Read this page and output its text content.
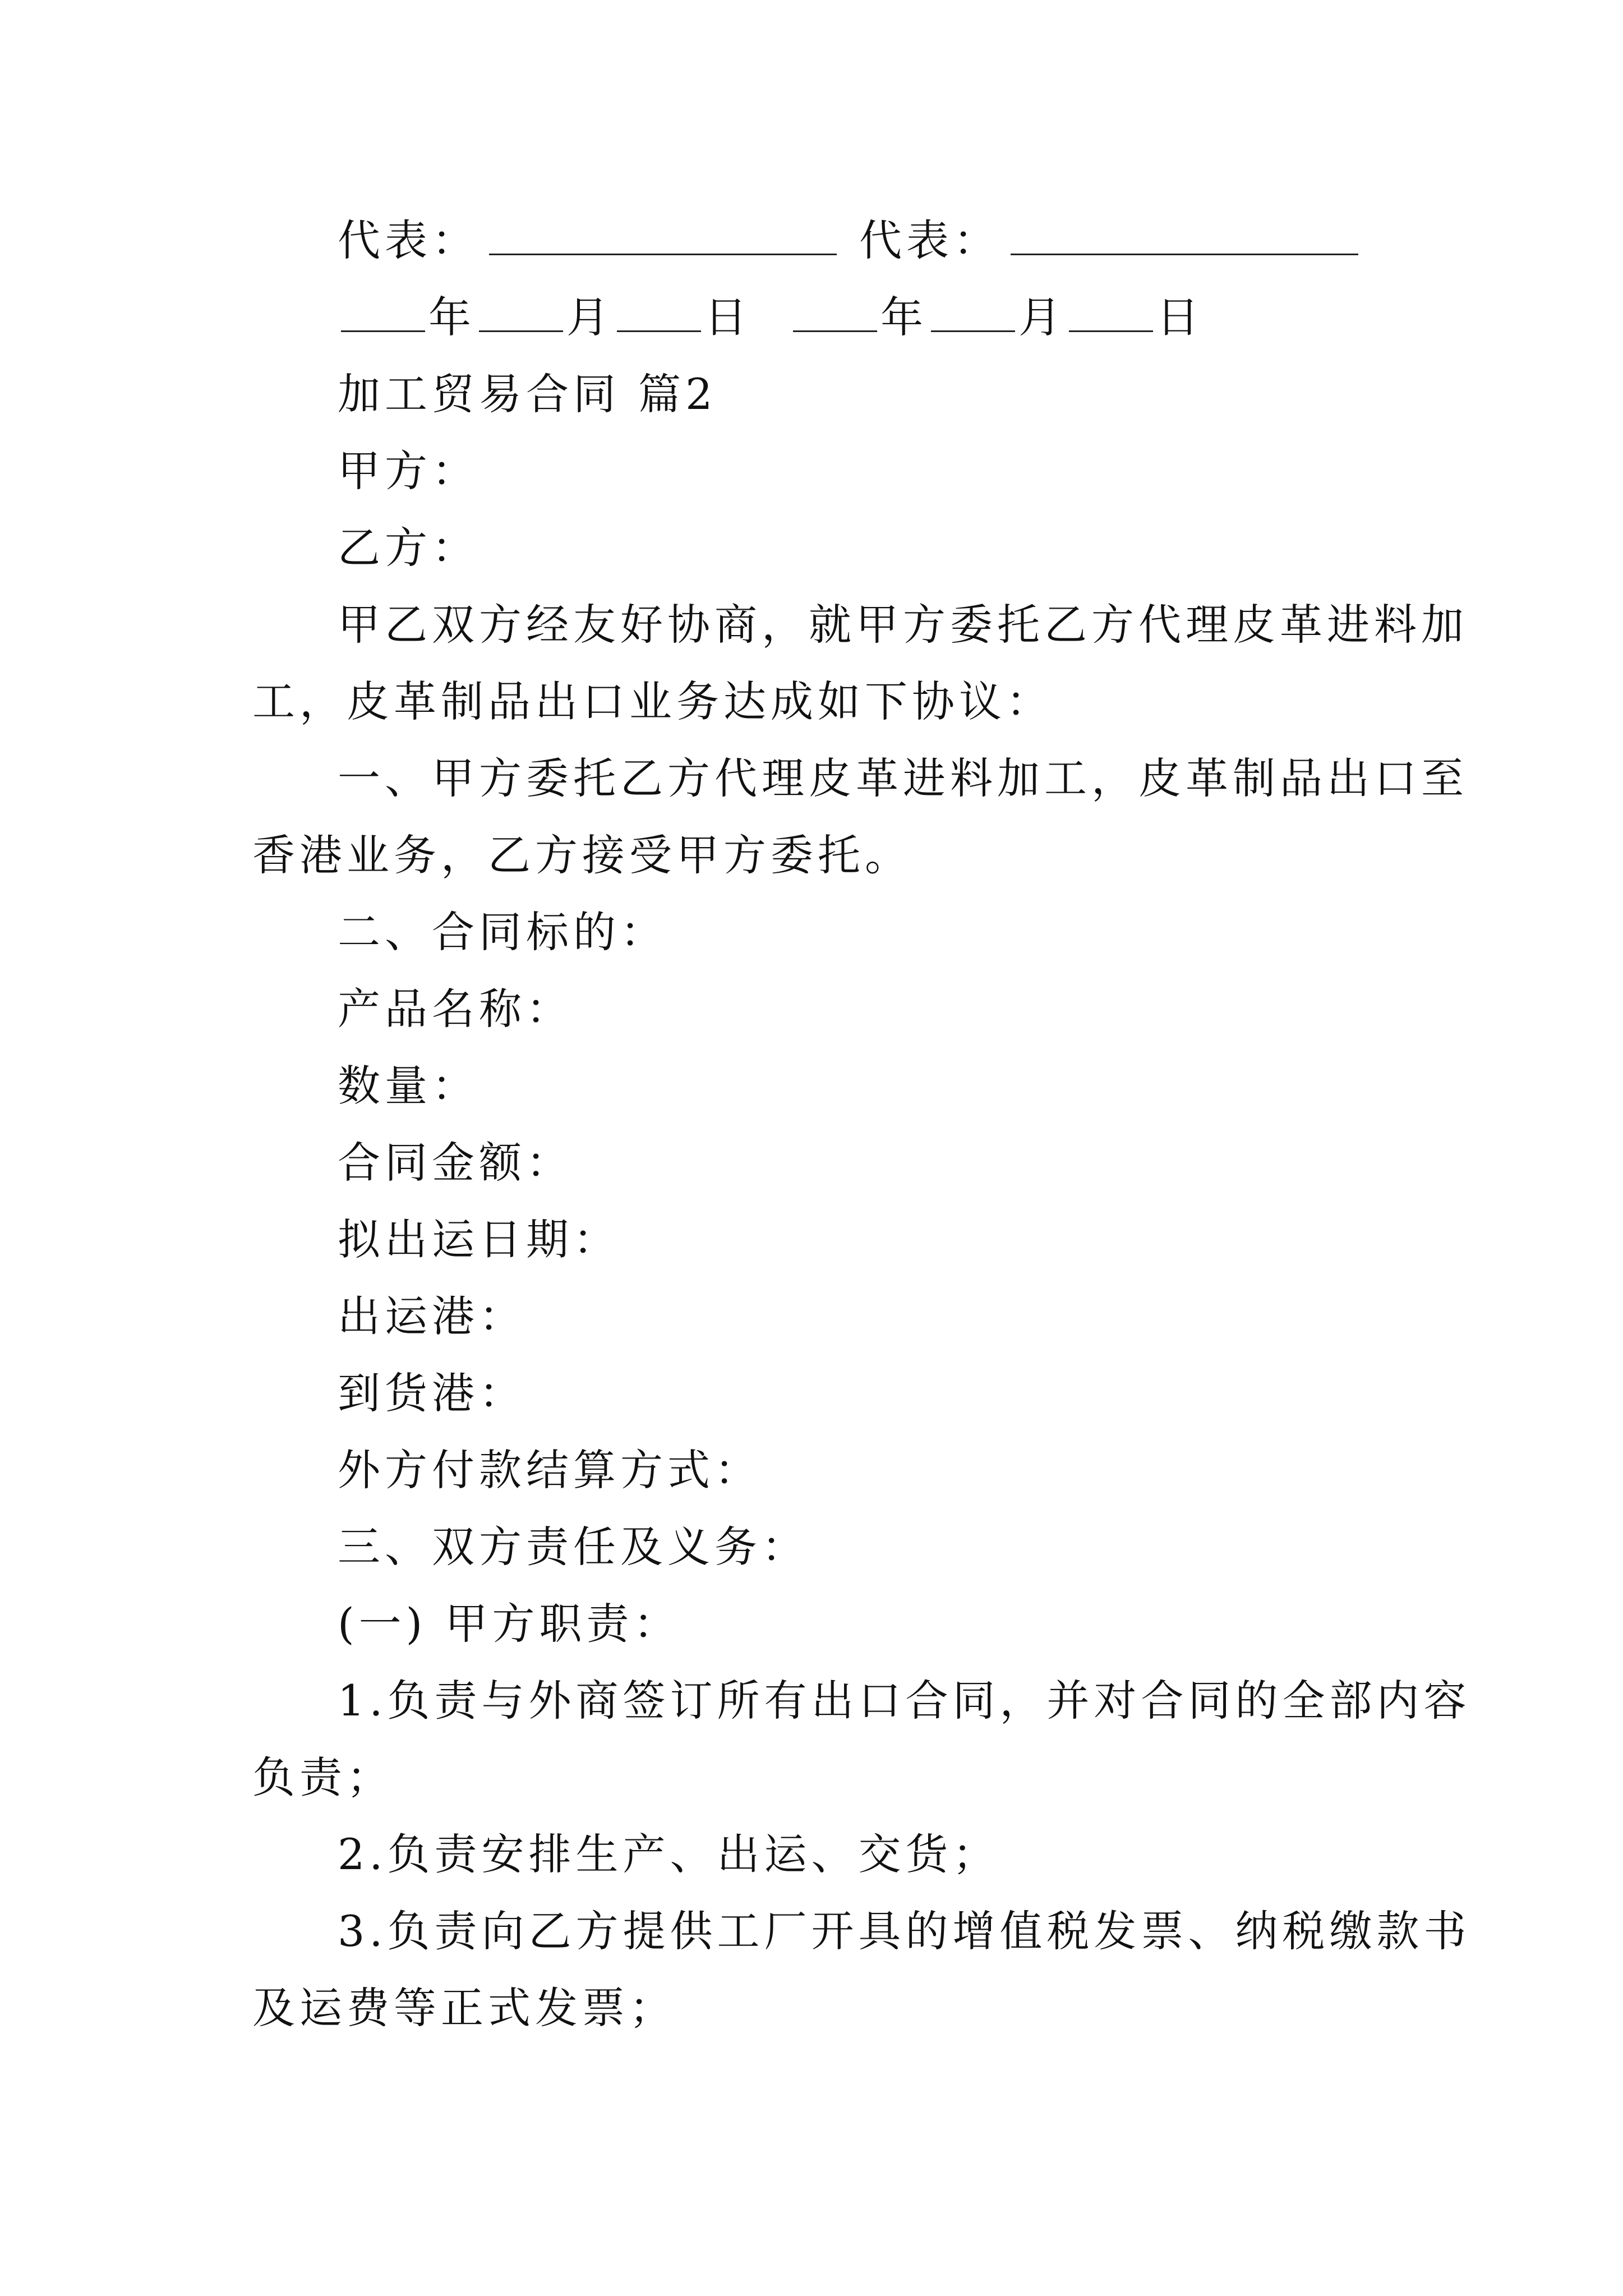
代表：	代表：
年 月 日
	年 月 日
加工贸易合同 篇2
甲方：
乙方：
甲乙双方经友好协商，就甲方委托乙方代理皮革进料加
工，皮革制品出口业务达成如下协议：
一、甲方委托乙方代理皮革进料加工，皮革制品出口至
香港业务，乙方接受甲方委托。
二、合同标的：
产品名称：
数量：
合同金额：
拟出运日期：
出运港：
到货港：
外方付款结算方式：
三、双方责任及义务：
(一) 甲方职责：
1.负责与外商签订所有出口合同，并对合同的全部内容
负责；
2.负责安排生产、出运、交货；
3.负责向乙方提供工厂开具的增值税发票、纳税缴款书
及运费等正式发票；
